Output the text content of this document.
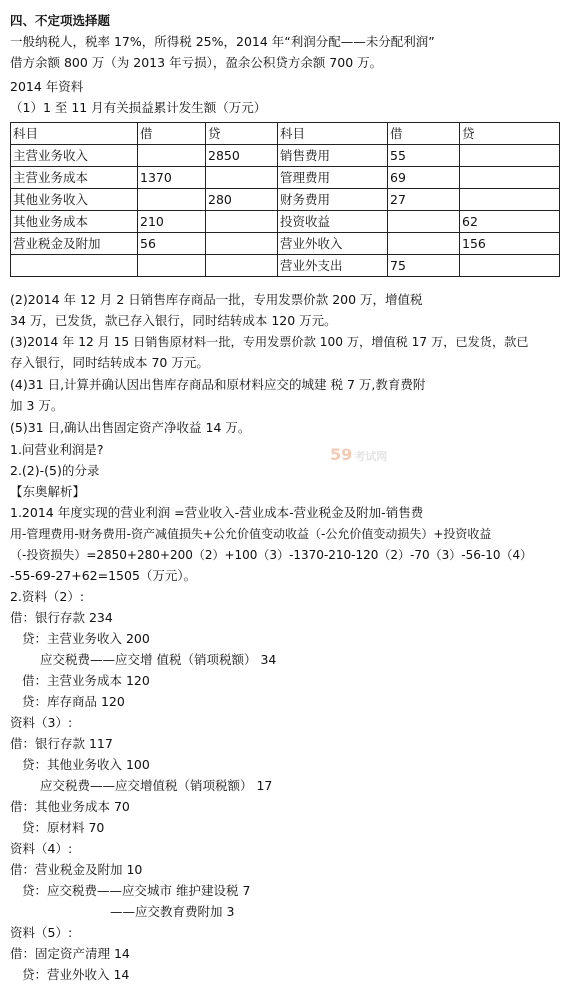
四、不定项选择题
一般纳税人，税率 17%，所得税 25%，2014 年“利润分配——未分配利润”
借方余额 800 万（为 2013 年亏损），盈余公积贷方余额 700 万。
2014 年资料
（1）1 至 11 月有关损益累计发生额（万元）
科目	借	贷	科目	借	贷
主营业务收入		2850	销售费用	55	
主营业务成本	1370		管理费用	69	
其他业务收入		280	财务费用	27	
其他业务成本	210		投资收益		62
营业税金及附加	56		营业外收入		156
			营业外支出	75	
(2)2014 年 12 月 2 日销售库存商品一批，专用发票价款 200 万，增值税
34 万，已发货，款已存入银行，同时结转成本 120 万元。
(3)2014 年 12 月 15 日销售原材料一批，专用发票价款 100 万，增值税 17 万，已发货，款已
存入银行，同时结转成本 70 万元。
(4)31 日,计算并确认因出售库存商品和原材料应交的城建 税 7 万,教育费附
加 3 万。
(5)31 日,确认出售固定资产净收益 14 万。
1.问营业利润是?
2.(2)-(5)的分录
【东奥解析】
1.2014 年度实现的营业利润 =营业收入-营业成本-营业税金及附加-销售费
用-管理费用-财务费用-资产减值损失+公允价值变动收益（-公允价值变动损失）+投资收益
（-投资损失）=2850+280+200（2）+100（3）-1370-210-120（2）-70（3）-56-10（4）
-55-69-27+62=1505（万元）。
2.资料（2）:
59 考试网
借：银行存款 234
贷：主营业务收入 200
应交税费——应交增 值税（销项税额） 34
借：主营业务成本 120
贷：库存商品 120
资料（3）:
借：银行存款 117
贷：其他业务收入 100
应交税费——应交增值税（销项税额） 17
借：其他业务成本 70
贷：原材料 70
资料（4）:
借：营业税金及附加 10
贷：应交税费——应交城市 维护建设税 7
——应交教育费附加 3
资料（5）:
借：固定资产清理 14
贷：营业外收入 14
